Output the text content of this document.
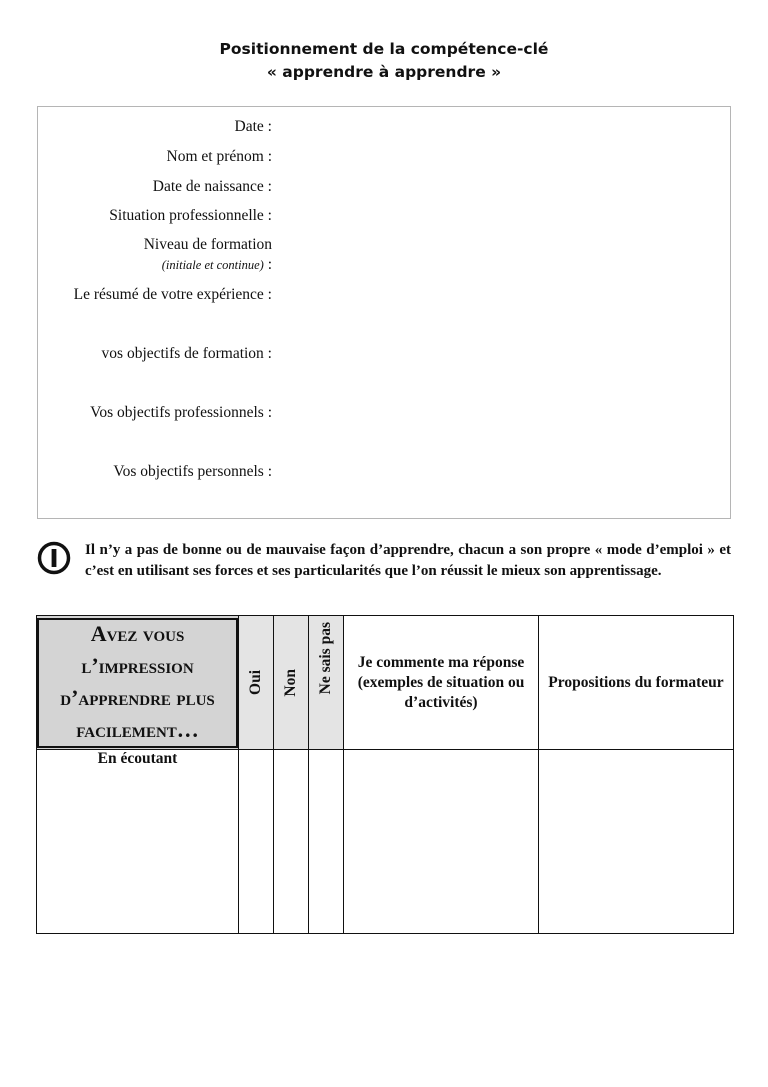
Positionnement de la compétence-clé
« apprendre à apprendre »
Date :
Nom et prénom :
Date de naissance :
Situation professionnelle :
Niveau de formation
(initiale et continue) :
Le résumé de votre expérience :
vos objectifs de formation :
Vos objectifs professionnels :
Vos objectifs personnels :
Il n’y a pas de bonne ou de mauvaise façon d’apprendre, chacun a son propre « mode d’emploi » et c’est en utilisant ses forces et ses particularités que l’on réussit le mieux son apprentissage.
Avez vous l’impression d’apprendre plus facilement…	Oui	Non	Ne sais pas	Je commente ma réponse (exemples de situation ou d’activités)	Propositions du formateur
En écoutant					
